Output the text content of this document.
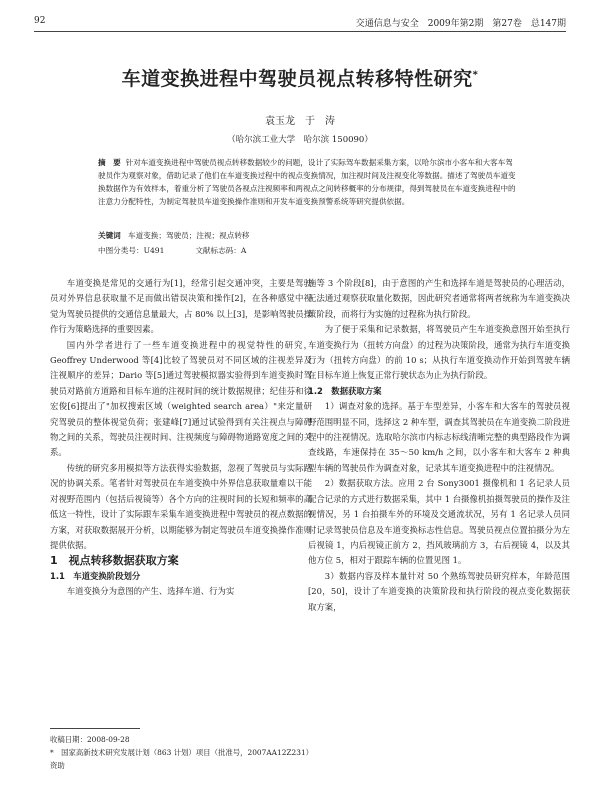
92	交通信息与安全　2009年第2期　第27卷　总147期
车道变换进程中驾驶员视点转移特性研究*
袁玉龙　于　涛
（哈尔滨工业大学　哈尔滨 150090）
摘　要 针对车道变换进程中驾驶员视点转移数据较少的问题，设计了实际驾车数据采集方案，以哈尔滨市小客车和大客车驾驶员作为观察对象，借助记录了他们在车道变换过程中的视点变换情况，加注视时间及注视变化等数据。描述了驾驶员车道变换数据作为有效样本，着重分析了驾驶员各视点注视频率和两视点之间转移概率的分布规律，得到驾驶员在车道变换进程中的注意力分配特性，为制定驾驶员车道变换操作准则和开发车道变换预警系统等研究提供依据。
关键词 车道变换；驾驶员；注视；视点转移
中图分类号：U491	文献标志码：A

车道变换是常见的交通行为[1]，经常引起交通冲突，主要是驾驶员对外界信息获取量不足而做出错误决策和操作[2]，在各种感觉中视觉为驾驶员提供的交通信息量最大，占 80% 以上[3]，是影响驾驶员操作行为策略选择的重要因素。

国内外学者进行了一些车道变换进程中的视觉特性的研究，Geoffrey Underwood 等[4]比较了驾驶员对不同区域的注视差异及注视顺序的差异；Dario 等[5]通过驾驶模拟器实验得到车道变换时驾驶员对路前方道路和目标车道的注视时间的统计数据规律；纪佳芬和徐宏俊[6]提出了"加权搜索区域（weighted search area）"来定量研究驾驶员的整体视觉负荷；张建峰[7]通过试验得到有关注视点与障碍物之间的关系，驾驶员注视时间、注视频度与障碍物道路宽度之间的关系。

传统的研究多用模拟等方法获得实验数据，忽视了驾驶员与实际路况的协调关系。笔者针对驾驶员在车道变换中外界信息获取量难以干能对视野范围内（包括后视镜等）各个方向的注视时间的长短和频率的高低这一特性，设计了实际跟车采集车道变换进程中驾驶员的视点数据的方案，对获取数据展开分析，以期能够为制定驾驶员车道变换操作准则提供依据。

1　视点转移数据获取方案

1.1　车道变换阶段划分

车道变换分为意图的产生、选择车道、行为实

施等 3 个阶段[8]，由于意图的产生和选择车道是驾驶员的心理活动，无法通过观察获取量化数据，因此研究者通常将两者统称为车道变换决策阶段，而将行为实施的过程称为执行阶段。

为了便于采集和记录数据，将驾驶员产生车道变换意图开始至执行车道变换行为（扭转方向盘）的过程为决策阶段，通常为执行车道变换行为（扭转方向盘）的前 10 s；从执行车道变换动作开始到驾驶车辆在目标车道上恢复正常行驶状态为止为执行阶段。

1.2　数据获取方案

1）调查对象的选择。基于车型差异，小客车和大客车的驾驶员视野范围明显不同，选择这 2 种车型，调查其驾驶员在车道变换二阶段进程中的注视情况。选取哈尔滨市内标志标线清晰完整的典型路段作为调查线路，车速保持在 35～50 km/h 之间，以小客车和大客车 2 种典型车辆的驾驶员作为调查对象，记录其车道变换进程中的注视情况。

2）数据获取方法。应用 2 台 Sony3001 摄像机和 1 名记录人员配合记录的方式进行数据采集，其中 1 台摄像机拍摄驾驶员的操作及注视情况，另 1 台拍摄车外的环境及交通流状况，另有 1 名记录人员同时记录驾驶员信息及车道变换标志性信息。驾驶员视点位置拍摄分为左后视镜 1，内后视镜正前方 2，挡风玻璃前方 3，右后视镜 4，以及其他方位 5，相对于跟踪车辆的位置见图 1。

3）数据内容及样本量针对 50 个熟练驾驶员研究样本，年龄范围[20，50]，设计了车道变换的决策阶段和执行阶段的视点变化数据获取方案，

收稿日期：2008-09-28

*　国家高新技术研究发展计划（863 计划）项目（批准号，2007AA12Z231）资助
